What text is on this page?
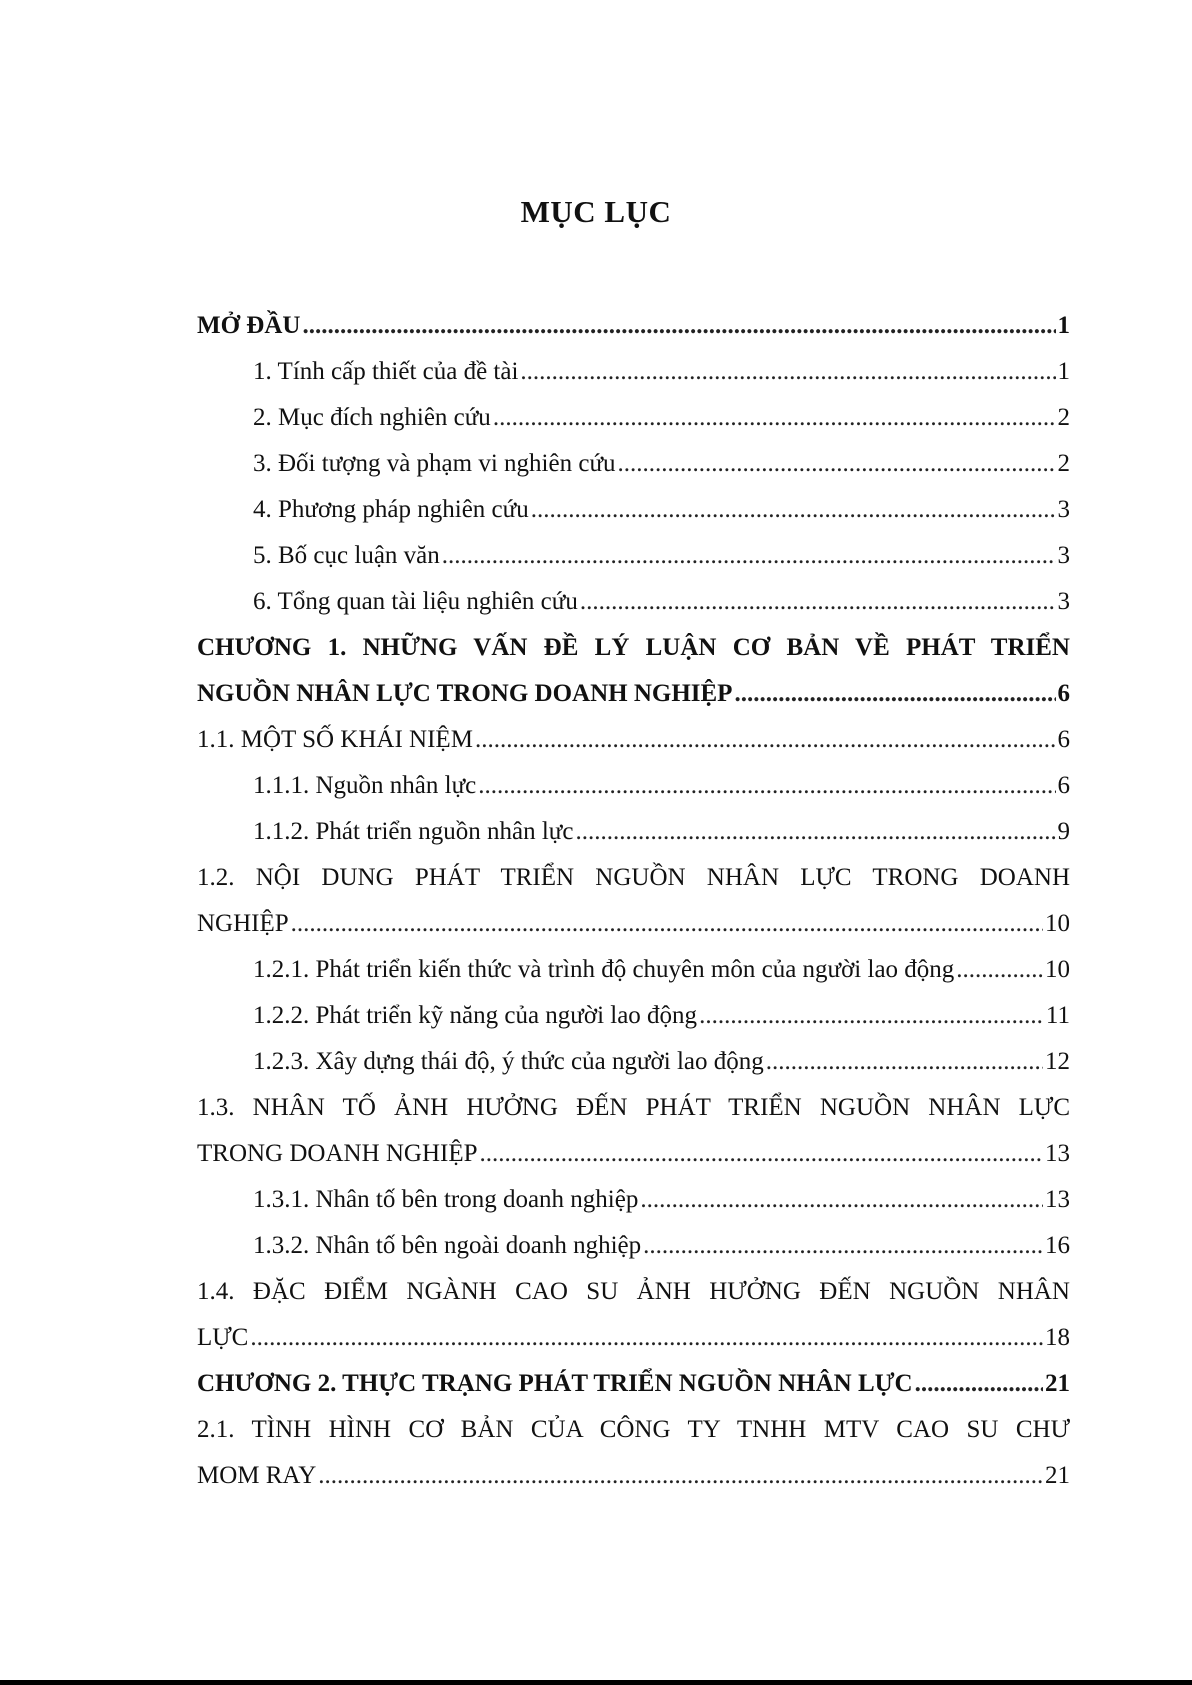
MỤC LỤC
MỞ ĐẦU .....	1
1. Tính cấp thiết của đề tài .....	1
2. Mục đích nghiên cứu .....	2
3. Đối tượng và phạm vi nghiên cứu .....	2
4. Phương pháp nghiên cứu .....	3
5. Bố cục luận văn .....	3
6. Tổng quan tài liệu nghiên cứu .....	3
CHƯƠNG 1. NHỮNG VẤN ĐỀ LÝ LUẬN CƠ BẢN VỀ PHÁT TRIỂN
NGUỒN NHÂN LỰC TRONG DOANH NGHIỆP .....	6
1.1. MỘT SỐ KHÁI NIỆM .....	6
1.1.1. Nguồn nhân lực .....	6
1.1.2. Phát triển nguồn nhân lực .....	9
1.2. NỘI DUNG PHÁT TRIỂN NGUỒN NHÂN LỰC TRONG DOANH
NGHIỆP .....	10
1.2.1. Phát triển kiến thức và trình độ chuyên môn của người lao động .....	10
1.2.2. Phát triển kỹ năng của người lao động .....	11
1.2.3. Xây dựng thái độ, ý thức của người lao động .....	12
1.3. NHÂN TỐ ẢNH HƯỞNG ĐẾN PHÁT TRIỂN NGUỒN NHÂN LỰC
TRONG DOANH NGHIỆP .....	13
1.3.1. Nhân tố bên trong doanh nghiệp .....	13
1.3.2. Nhân tố bên ngoài doanh nghiệp .....	16
1.4. ĐẶC ĐIỂM NGÀNH CAO SU ẢNH HƯỞNG ĐẾN NGUỒN NHÂN
LỰC .....	18
CHƯƠNG 2. THỰC TRẠNG PHÁT TRIỂN NGUỒN NHÂN LỰC .....	21
2.1. TÌNH HÌNH CƠ BẢN CỦA CÔNG TY TNHH MTV CAO SU CHƯ
MOM RAY .....	21
